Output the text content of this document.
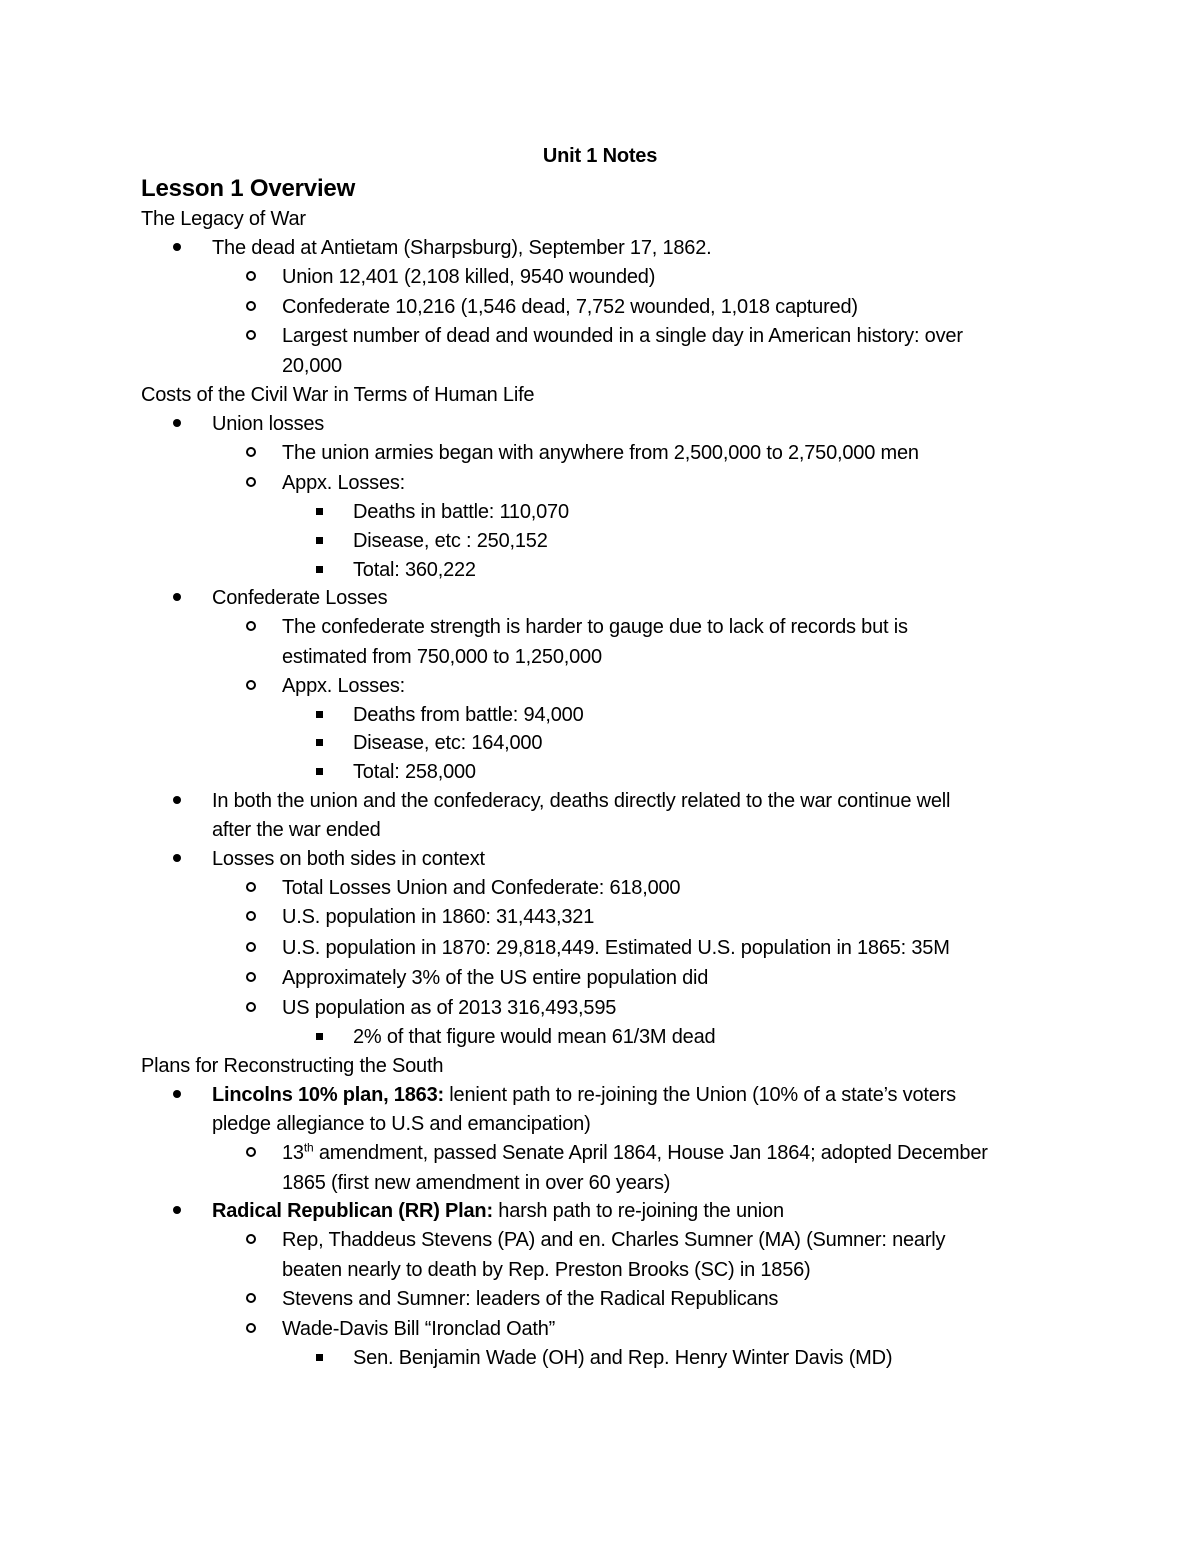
Unit 1 Notes
Lesson 1 Overview
The Legacy of War
The dead at Antietam (Sharpsburg), September 17, 1862.
Union 12,401 (2,108 killed, 9540 wounded)
Confederate 10,216 (1,546 dead, 7,752 wounded, 1,018 captured)
Largest number of dead and wounded in a single day in American history: over
20,000
Costs of the Civil War in Terms of Human Life
Union losses
The union armies began with anywhere from 2,500,000 to 2,750,000 men
Appx. Losses:
Deaths in battle: 110,070
Disease, etc : 250,152
Total: 360,222
Confederate Losses
The confederate strength is harder to gauge due to lack of records but is
estimated from 750,000 to 1,250,000
Appx. Losses:
Deaths from battle: 94,000
Disease, etc: 164,000
Total: 258,000
In both the union and the confederacy, deaths directly related to the war continue well
after the war ended
Losses on both sides in context
Total Losses Union and Confederate: 618,000
U.S. population in 1860: 31,443,321
U.S. population in 1870: 29,818,449. Estimated U.S. population in 1865: 35M
Approximately 3% of the US entire population did
US population as of 2013 316,493,595
2% of that figure would mean 61/3M dead
Plans for Reconstructing the South
Lincolns 10% plan, 1863: lenient path to re-joining the Union (10% of a state’s voters
pledge allegiance to U.S and emancipation)
13th amendment, passed Senate April 1864, House Jan 1864; adopted December
1865 (first new amendment in over 60 years)
Radical Republican (RR) Plan: harsh path to re-joining the union
Rep, Thaddeus Stevens (PA) and en. Charles Sumner (MA) (Sumner: nearly
beaten nearly to death by Rep. Preston Brooks (SC) in 1856)
Stevens and Sumner: leaders of the Radical Republicans
Wade-Davis Bill “Ironclad Oath”
Sen. Benjamin Wade (OH) and Rep. Henry Winter Davis (MD)
